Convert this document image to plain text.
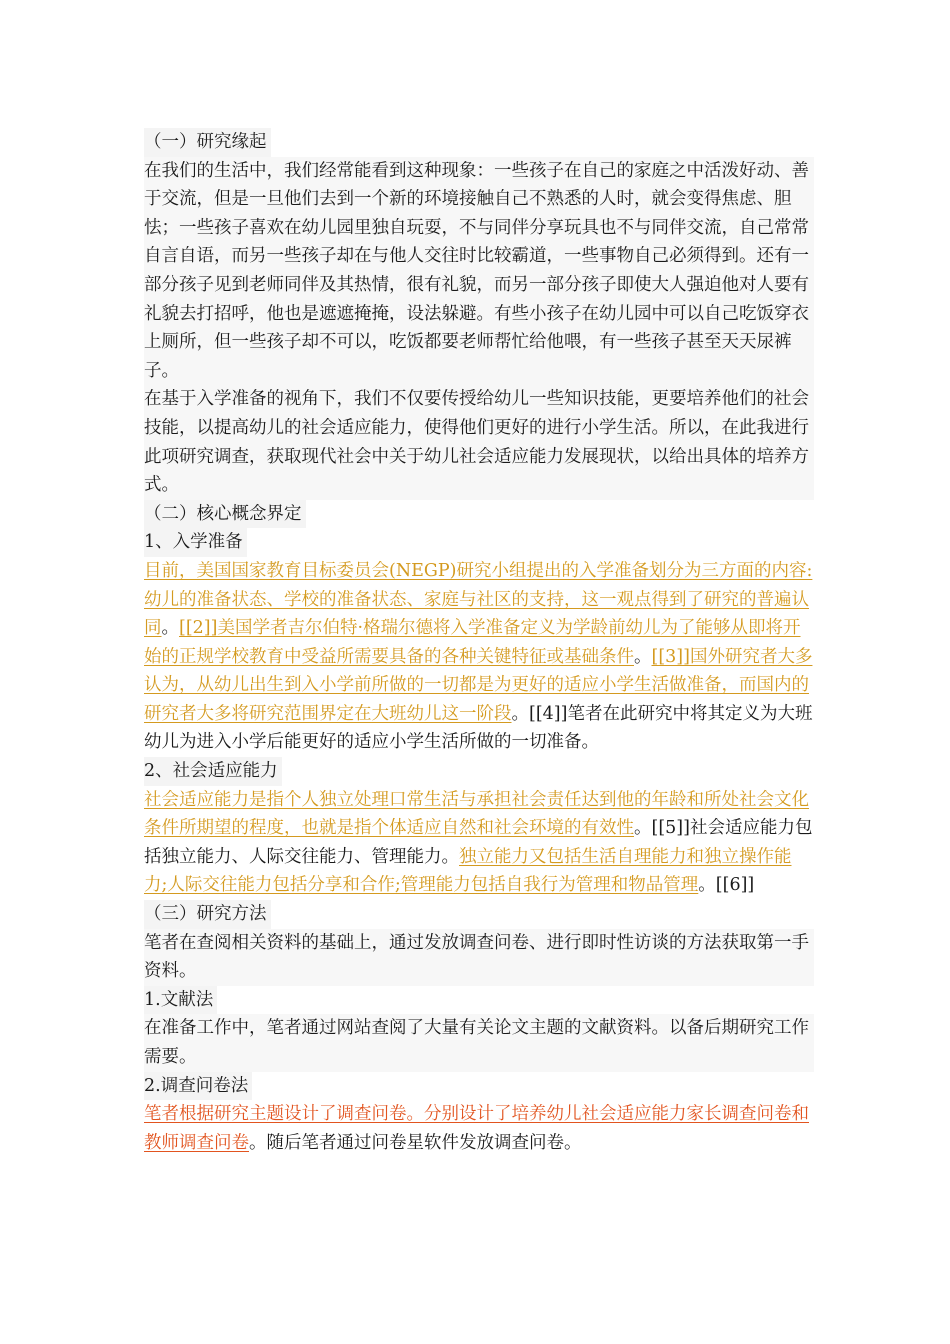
（一）研究缘起

在我们的生活中，我们经常能看到这种现象：一些孩子在自己的家庭之中活泼好动、善于交流，但是一旦他们去到一个新的环境接触自己不熟悉的人时，就会变得焦虑、胆怯；一些孩子喜欢在幼儿园里独自玩耍，不与同伴分享玩具也不与同伴交流，自己常常自言自语，而另一些孩子却在与他人交往时比较霸道，一些事物自己必须得到。还有一部分孩子见到老师同伴及其热情，很有礼貌，而另一部分孩子即使大人强迫他对人要有礼貌去打招呼，他也是遮遮掩掩，设法躲避。有些小孩子在幼儿园中可以自己吃饭穿衣上厕所，但一些孩子却不可以，吃饭都要老师帮忙给他喂，有一些孩子甚至天天尿裤子。

在基于入学准备的视角下，我们不仅要传授给幼儿一些知识技能，更要培养他们的社会技能，以提高幼儿的社会适应能力，使得他们更好的进行小学生活。所以，在此我进行此项研究调查，获取现代社会中关于幼儿社会适应能力发展现状，以给出具体的培养方式。

（二）核心概念界定
1、入学准备

目前，美国国家教育目标委员会(NEGP)研究小组提出的入学准备划分为三方面的内容:幼儿的准备状态、学校的准备状态、家庭与社区的支持，这一观点得到了研究的普遍认同。[[2]]美国学者吉尔伯特·格瑞尔德将入学准备定义为学龄前幼儿为了能够从即将开始的正规学校教育中受益所需要具备的各种关键特征或基础条件。[[3]]国外研究者大多认为，从幼儿出生到入小学前所做的一切都是为更好的适应小学生活做准备，而国内的研究者大多将研究范围界定在大班幼儿这一阶段。[[4]]笔者在此研究中将其定义为大班幼儿为进入小学后能更好的适应小学生活所做的一切准备。

2、社会适应能力

社会适应能力是指个人独立处理口常生活与承担社会责任达到他的年龄和所处社会文化条件所期望的程度，也就是指个体适应自然和社会环境的有效性。[[5]]社会适应能力包括独立能力、人际交往能力、管理能力。独立能力又包括生活自理能力和独立操作能力;人际交往能力包括分享和合作;管理能力包括自我行为管理和物品管理。[[6]]

（三）研究方法

笔者在查阅相关资料的基础上，通过发放调查问卷、进行即时性访谈的方法获取第一手资料。

1.文献法

在准备工作中，笔者通过网站查阅了大量有关论文主题的文献资料。以备后期研究工作需要。

2.调查问卷法

笔者根据研究主题设计了调查问卷。分别设计了培养幼儿社会适应能力家长调查问卷和教师调查问卷。随后笔者通过问卷星软件发放调查问卷。
